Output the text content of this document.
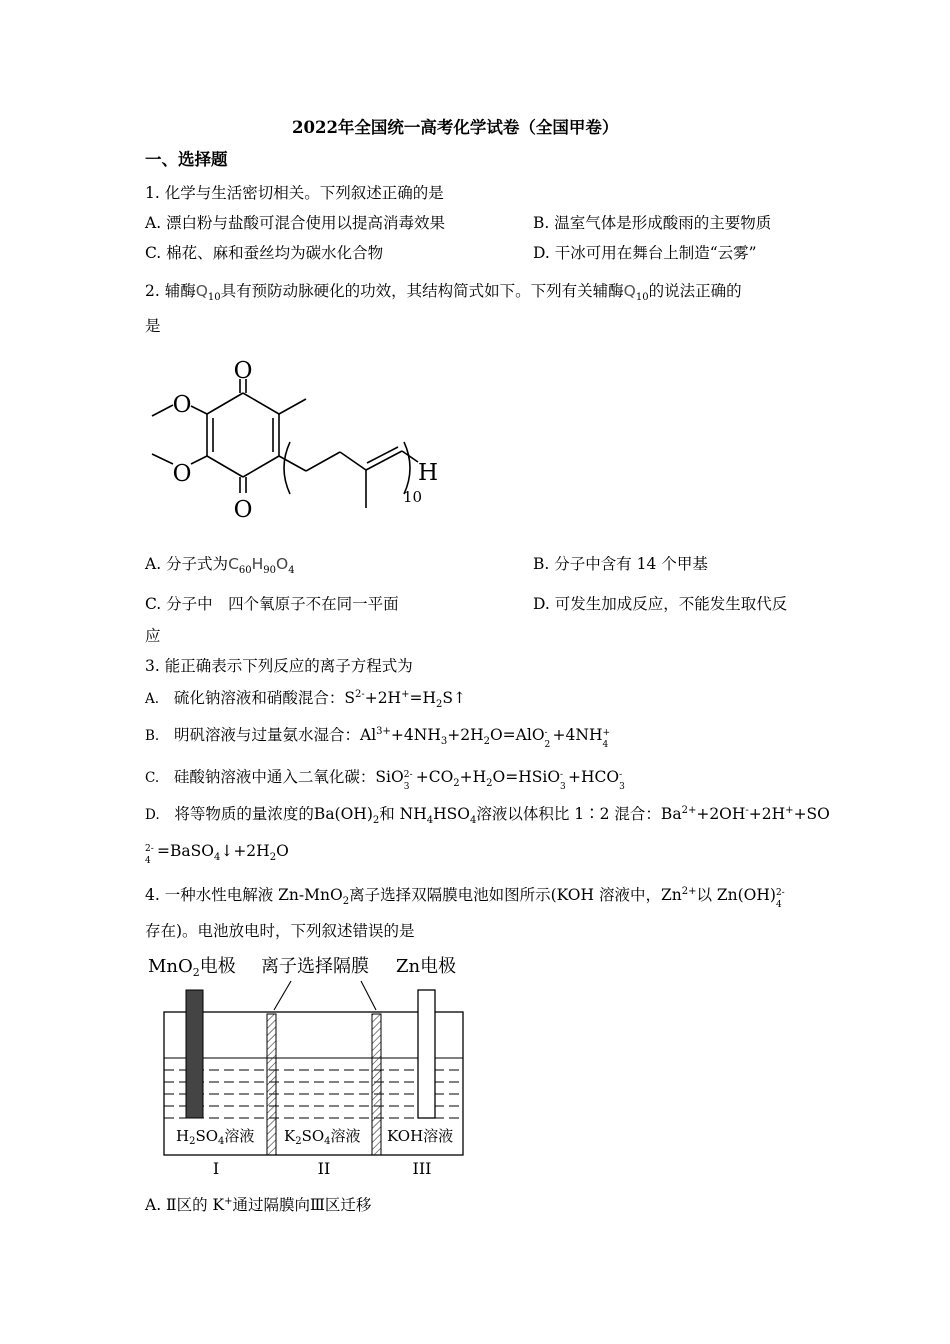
2022年全国统一高考化学试卷（全国甲卷）
一、选择题
1. 化学与生活密切相关。下列叙述正确的是
A. 漂白粉与盐酸可混合使用以提高消毒效果	B. 温室气体是形成酸雨的主要物质
C. 棉花、麻和蚕丝均为碳水化合物	D. 干冰可用在舞台上制造“云雾”
2. 辅酶$Q_{10}$具有预防动脉硬化的功效，其结构简式如下。下列有关辅酶$Q_{10}$的说法正确的
是
O
O
O
O	H
10
A. 分子式为$C_{60}H_{90}O_4$	B. 分子中含有 14 个甲基
C. 分子中　四个氧原子不在同一平面	D. 可发生加成反应，不能发生取代反
应
3. 能正确表示下列反应的离子方程式为
A. 硫化钠溶液和硝酸混合：$S^{2-}+2H^+=H_2S↑$
B. 明矾溶液与过量氨水湿合：$Al^{3+}+4NH_3+2H_2O=AlO$ -
2
+4NH +
4
C. 硅酸钠溶液中通入二氧化碳：SiO 2-
3
$+CO_2+H_2O=HSiO$ -
3
+HCO -
3
D. 将等物质的量浓度的$Ba(OH)_2$和 $NH_4HSO_4$溶液以体积比 1∶2 混合：$Ba^{2+}+2OH^-+2H^++SO$
2-
4
$=BaSO_4↓+2H_2O$
4. 一种水性电解液 Zn-MnO$_2$离子选择双隔膜电池如图所示(KOH 溶液中，$Zn^{2+}$以 Zn(OH) 2-
4
存在)。电池放电时，下列叙述错误的是
MnO$_2$电极 离子选择隔膜 Zn电极
$H_2SO_4$溶液 $K_2SO_4$溶液 KOH溶液
I	II	III
A. Ⅱ区的 K+通过隔膜向Ⅲ区迁移
